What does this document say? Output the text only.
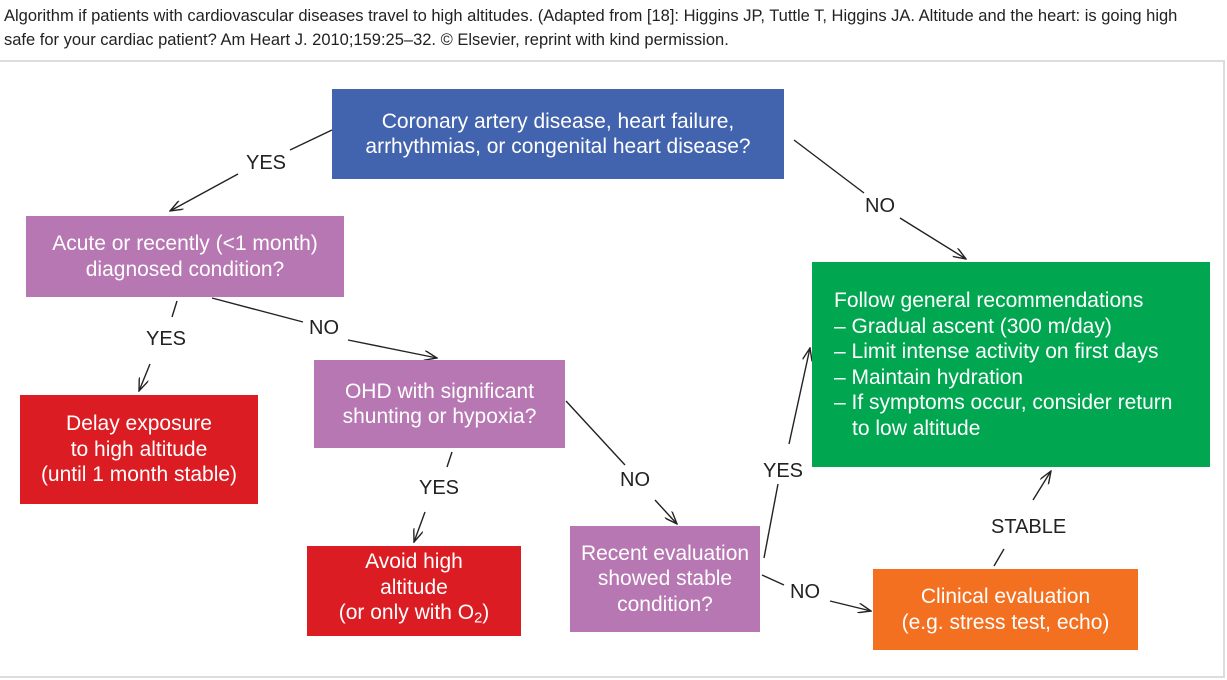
Algorithm if patients with cardiovascular diseases travel to high altitudes. (Adapted from [18]: Higgins JP, Tuttle T, Higgins JA. Altitude and the heart: is going high safe for your cardiac patient? Am Heart J. 2010;159:25–32. © Elsevier, reprint with kind permission.
Coronary artery disease, heart failure,
arrhythmias, or congenital heart disease?
Acute or recently (<1 month)
diagnosed condition?
Delay exposure
to high altitude
(until 1 month stable)
OHD with significant
shunting or hypoxia?
Avoid high
altitude
(or only with $O_2$)
Recent evaluation
showed stable
condition?
Follow general recommendations
– Gradual ascent (300 m/day)
– Limit intense activity on first days
– Maintain hydration
– If symptoms occur, consider return
to low altitude
Clinical evaluation
(e.g. stress test, echo)
YES
NO
YES	NO
YES	NO	YES
NO
STABLE
